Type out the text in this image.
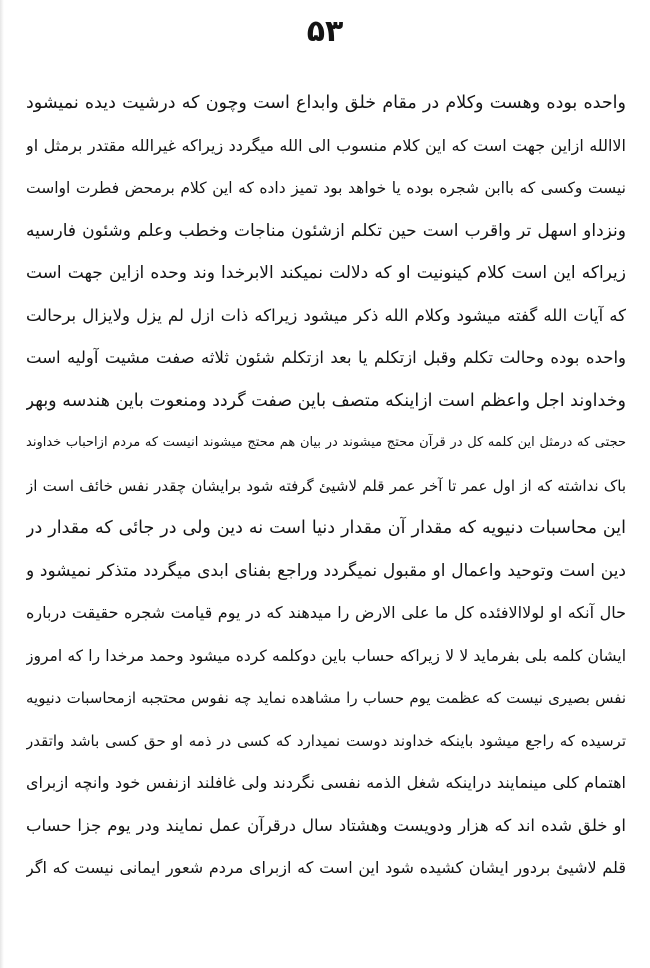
۵۳
واحده بوده وهست وکلام در مقام خلق وابداع است وچون که درشیت دیده نمیشود
الاالله ازاین جهت است که این کلام منسوب الی الله میگردد زیراکه غیرالله مقتدر برمثل او
نیست وکسی که باابن شجره بوده یا خواهد بود تمیز داده که این کلام برمحض فطرت اواست
ونزداو اسهل تر واقرب است حین تکلم ازشئون مناجات وخطب وعلم وشئون فارسیه
زیراکه این است کلام کینونیت او که دلالت نمیکند الابرخدا وند وحده ازاین جهت است
که آیات الله گفته میشود وکلام الله ذکر میشود زیراکه ذات ازل لم یزل ولایزال برحالت
واحده بوده وحالت تکلم وقبل ازتکلم یا بعد ازتکلم شئون ثلاثه صفت مشیت آولیه است
وخداوند اجل واعظم است ازاینکه متصف باین صفت گردد ومنعوت باین هندسه وبهر
حجتی که درمثل این کلمه کل در قرآن محتج میشوند در بیان هم محتج میشوند انیست که مردم ازاحباب خداوند
باک نداشته که از اول عمر تا آخر عمر قلم لاشیئ گرفته شود برایشان چقدر نفس خائف است از
این محاسبات دنیویه که مقدار آن مقدار دنیا است نه دین ولی در جائی که مقدار در
دین است وتوحید واعمال او مقبول نمیگردد وراجع بفنای ابدی میگردد متذکر نمیشود و
حال آنکه او لولاالافئده کل ما علی الارض را میدهند که در یوم قیامت شجره حقیقت درباره
ایشان کلمه بلی بفرماید لا لا زیراکه حساب باین دوکلمه کرده میشود وحمد مرخدا را که امروز
نفس بصیری نیست که عظمت یوم حساب را مشاهده نماید چه نفوس محتجبه ازمحاسبات دنیویه
ترسیده که راجع میشود باینکه خداوند دوست نمیدارد که کسی در ذمه او حق کسی باشد واتقدر
اهتمام کلی مینمایند دراینکه شغل الذمه نفسی نگردند ولی غافلند ازنفس خود وانچه ازبرای
او خلق شده اند که هزار ودویست وهشتاد سال درقرآن عمل نمایند ودر یوم جزا حساب
قلم لاشیئ بردور ایشان کشیده شود این است که ازبرای مردم شعور ایمانی نیست که اگر
